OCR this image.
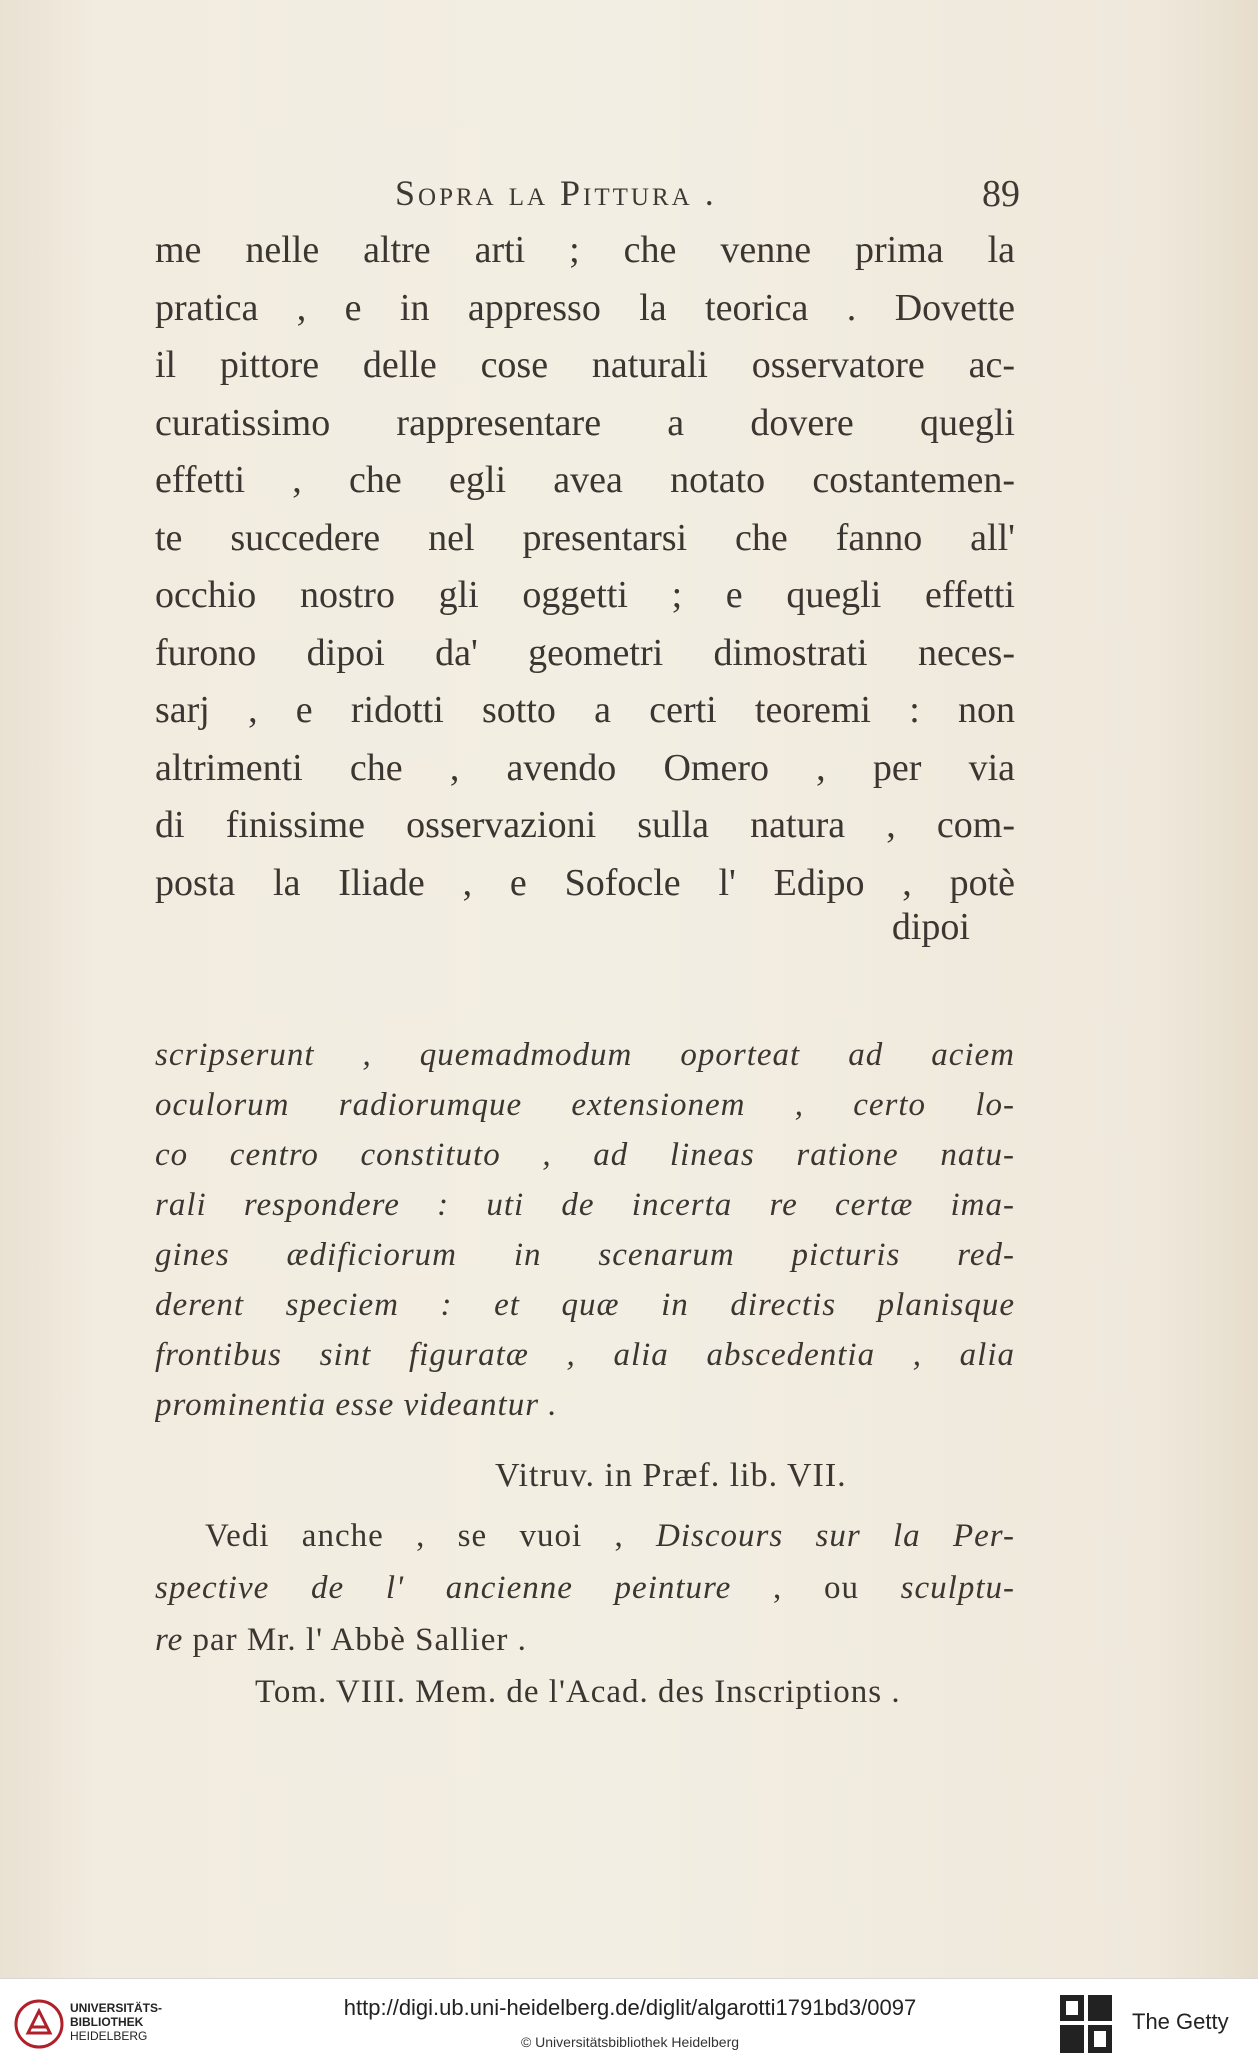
Sopra la Pittura .	89
me nelle altre arti ; che venne prima la
pratica , e in appresso la teorica . Dovette
il pittore delle cose naturali osservatore ac-
curatissimo rappresentare a dovere quegli
effetti , che egli avea notato costantemen-
te succedere nel presentarsi che fanno all'
occhio nostro gli oggetti ; e quegli effetti
furono dipoi da' geometri dimostrati neces-
sarj , e ridotti sotto a certi teoremi : non
altrimenti che , avendo Omero , per via
di finissime osservazioni sulla natura , com-
posta la Iliade , e Sofocle l' Edipo , potè
dipoi
scripserunt , quemadmodum oporteat ad aciem
oculorum radiorumque extensionem , certo lo-
co centro constituto , ad lineas ratione natu-
rali respondere : uti de incerta re certæ ima-
gines ædificiorum in scenarum picturis red-
derent speciem : et quæ in directis planisque
frontibus sint figuratæ , alia abscedentia , alia
prominentia esse videantur .
Vitruv. in Præf. lib. VII.
Vedi anche , se vuoi , Discours sur la Per-
spective de l' ancienne peinture , ou sculptu-
re par Mr. l' Abbè Sallier .
Tom. VIII. Mem. de l'Acad. des Inscriptions .
UNIVERSITÄTS-
BIBLIOTHEK
HEIDELBERG
http://digi.ub.uni-heidelberg.de/diglit/algarotti1791bd3/0097
© Universitätsbibliothek Heidelberg
The Getty
